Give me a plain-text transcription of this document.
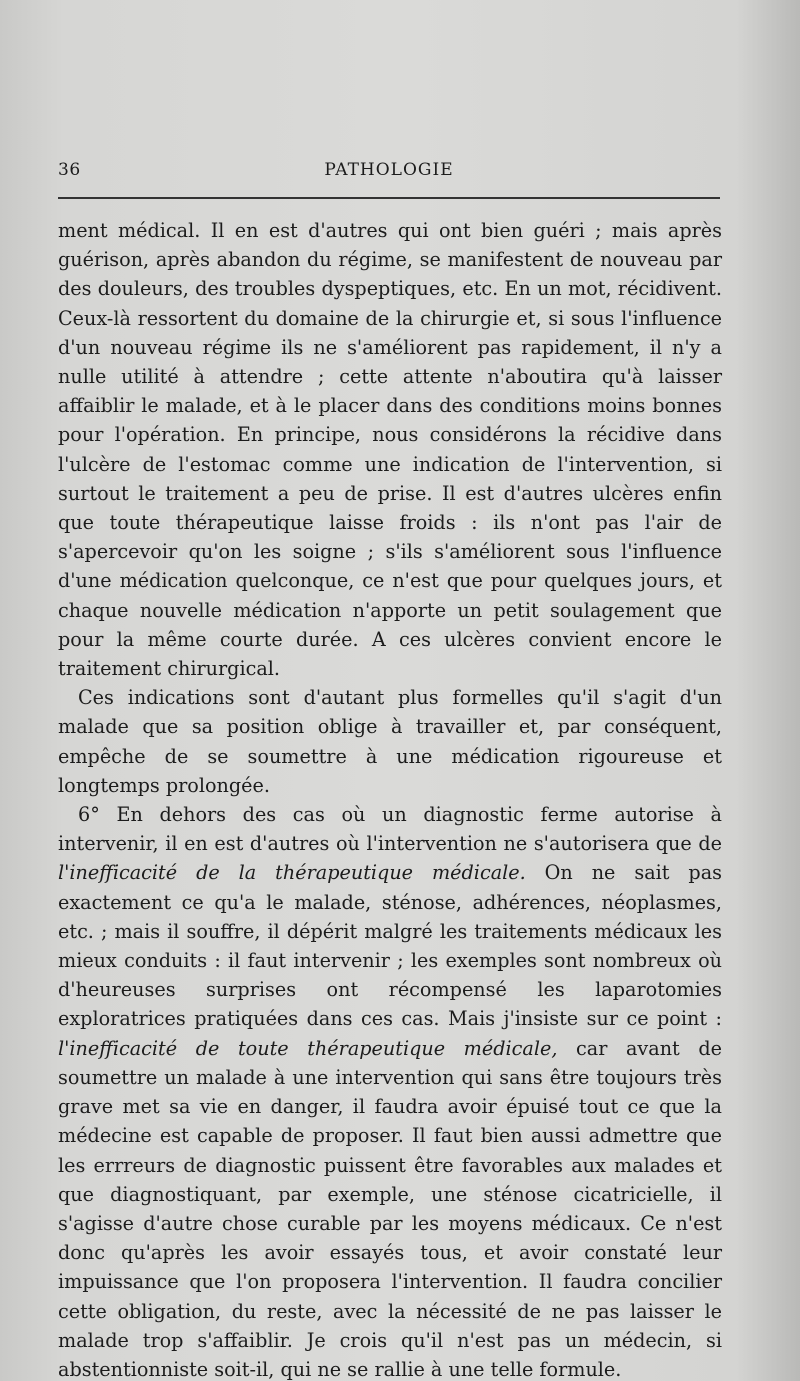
36	PATHOLOGIE

ment médical. Il en est d'autres qui ont bien guéri ; mais après guérison, après abandon du régime, se manifestent de nouveau par des douleurs, des troubles dyspeptiques, etc. En un mot, récidivent. Ceux-là ressortent du domaine de la chirurgie et, si sous l'influence d'un nouveau régime ils ne s'améliorent pas rapidement, il n'y a nulle utilité à attendre ; cette attente n'aboutira qu'à laisser affaiblir le malade, et à le placer dans des conditions moins bonnes pour l'opération. En principe, nous considérons la récidive dans l'ulcère de l'estomac comme une indication de l'intervention, si surtout le traitement a peu de prise. Il est d'autres ulcères enfin que toute thérapeutique laisse froids : ils n'ont pas l'air de s'apercevoir qu'on les soigne ; s'ils s'améliorent sous l'influence d'une médication quelconque, ce n'est que pour quelques jours, et chaque nouvelle médication n'apporte un petit soulagement que pour la même courte durée. A ces ulcères convient encore le traitement chirurgical.

Ces indications sont d'autant plus formelles qu'il s'agit d'un malade que sa position oblige à travailler et, par conséquent, empêche de se soumettre à une médication rigoureuse et longtemps prolongée.

6° En dehors des cas où un diagnostic ferme autorise à intervenir, il en est d'autres où l'intervention ne s'autorisera que de l'inefficacité de la thérapeutique médicale. On ne sait pas exactement ce qu'a le malade, sténose, adhérences, néoplasmes, etc. ; mais il souffre, il dépérit malgré les traitements médicaux les mieux conduits : il faut intervenir ; les exemples sont nombreux où d'heureuses surprises ont récompensé les laparotomies exploratrices pratiquées dans ces cas. Mais j'insiste sur ce point : l'inefficacité de toute thérapeutique médicale, car avant de soumettre un malade à une intervention qui sans être toujours très grave met sa vie en danger, il faudra avoir épuisé tout ce que la médecine est capable de proposer. Il faut bien aussi admettre que les errreurs de diagnostic puissent être favorables aux malades et que diagnostiquant, par exemple, une sténose cicatricielle, il s'agisse d'autre chose curable par les moyens médicaux. Ce n'est donc qu'après les avoir essayés tous, et avoir constaté leur impuissance que l'on proposera l'intervention. Il faudra concilier cette obligation, du reste, avec la nécessité de ne pas laisser le malade trop s'affaiblir. Je crois qu'il n'est pas un médecin, si abstentionniste soit-il, qui ne se rallie à une telle formule.
